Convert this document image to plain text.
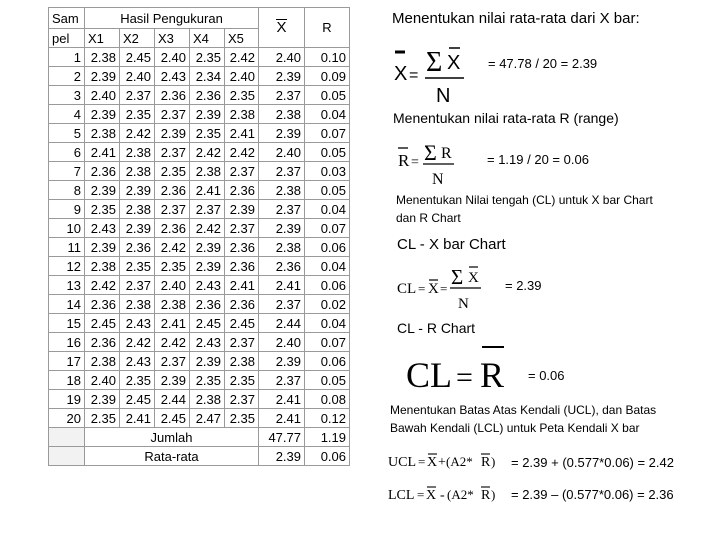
Sam	Hasil Pengukuran					X	R
pel	X1	X2	X3	X4	X5		
1	2.38	2.45	2.40	2.35	2.42	2.40	0.10
2	2.39	2.40	2.43	2.34	2.40	2.39	0.09
3	2.40	2.37	2.36	2.36	2.35	2.37	0.05
4	2.39	2.35	2.37	2.39	2.38	2.38	0.04
5	2.38	2.42	2.39	2.35	2.41	2.39	0.07
6	2.41	2.38	2.37	2.42	2.42	2.40	0.05
7	2.36	2.38	2.35	2.38	2.37	2.37	0.03
8	2.39	2.39	2.36	2.41	2.36	2.38	0.05
9	2.35	2.38	2.37	2.37	2.39	2.37	0.04
10	2.43	2.39	2.36	2.42	2.37	2.39	0.07
11	2.39	2.36	2.42	2.39	2.36	2.38	0.06
12	2.38	2.35	2.35	2.39	2.36	2.36	0.04
13	2.42	2.37	2.40	2.43	2.41	2.41	0.06
14	2.36	2.38	2.38	2.36	2.36	2.37	0.02
15	2.45	2.43	2.41	2.45	2.45	2.44	0.04
16	2.36	2.42	2.42	2.43	2.37	2.40	0.07
17	2.38	2.43	2.37	2.39	2.38	2.39	0.06
18	2.40	2.35	2.39	2.35	2.35	2.37	0.05
19	2.39	2.45	2.44	2.38	2.37	2.41	0.08
20	2.35	2.41	2.45	2.47	2.35	2.41	0.12
	Jumlah					47.77	1.19
	Rata-rata					2.39	0.06
Menentukan nilai rata-rata dari X bar:
X = Σ X
N
= 47.78 / 20 = 2.39
Menentukan nilai rata-rata R (range)
R = Σ R
N
= 1.19 / 20 = 0.06
Menentukan Nilai tengah (CL) untuk X bar Chart
dan R Chart
CL - X bar Chart
CL = X = Σ X
N
= 2.39
CL - R Chart
CL = R = 0.06
Menentukan Batas Atas Kendali (UCL), dan Batas
Bawah Kendali (LCL) untuk Peta Kendali X bar
UCL = X + (A2* R ) = 2.39 + (0.577*0.06) = 2.42
LCL = X - (A2* R ) = 2.39 – (0.577*0.06) = 2.36
